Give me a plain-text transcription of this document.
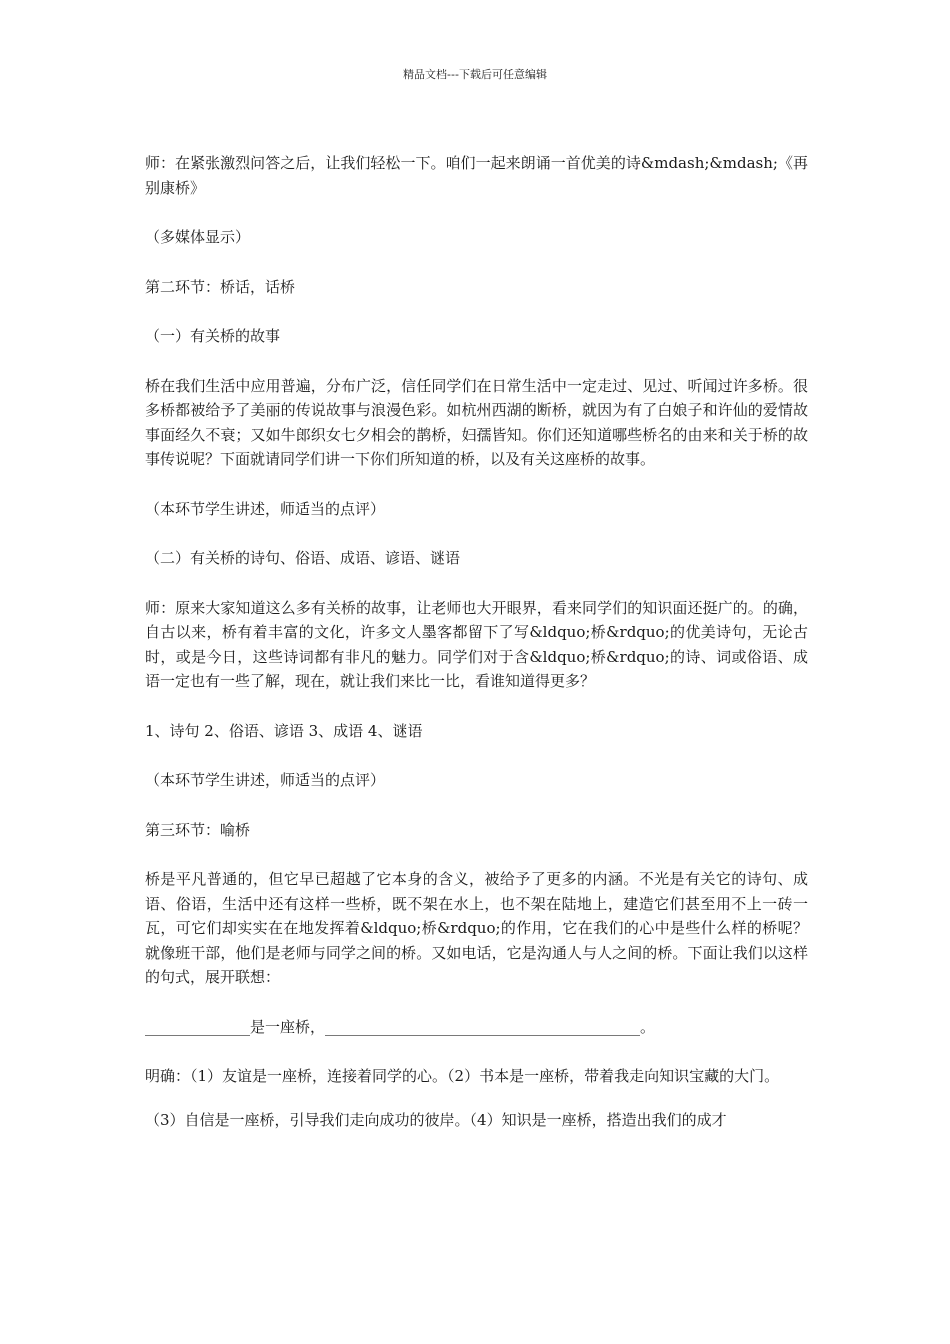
精品文档---下载后可任意编辑

师：在紧张激烈问答之后，让我们轻松一下。咱们一起来朗诵一首优美的诗&mdash;&mdash;《再别康桥》

（多媒体显示）

第二环节：桥话，话桥

（一）有关桥的故事

桥在我们生活中应用普遍，分布广泛，信任同学们在日常生活中一定走过、见过、听闻过许多桥。很多桥都被给予了美丽的传说故事与浪漫色彩。如杭州西湖的断桥，就因为有了白娘子和许仙的爱情故事面经久不衰；又如牛郎织女七夕相会的鹊桥，妇孺皆知。你们还知道哪些桥名的由来和关于桥的故事传说呢？下面就请同学们讲一下你们所知道的桥，以及有关这座桥的故事。

（本环节学生讲述，师适当的点评）

（二）有关桥的诗句、俗语、成语、谚语、谜语

师：原来大家知道这么多有关桥的故事，让老师也大开眼界，看来同学们的知识面还挺广的。的确，自古以来，桥有着丰富的文化，许多文人墨客都留下了写&ldquo;桥&rdquo;的优美诗句，无论古时，或是今日，这些诗词都有非凡的魅力。同学们对于含&ldquo;桥&rdquo;的诗、词或俗语、成语一定也有一些了解，现在，就让我们来比一比，看谁知道得更多？

1、诗句 2、俗语、谚语 3、成语 4、谜语

（本环节学生讲述，师适当的点评）

第三环节：喻桥

桥是平凡普通的，但它早已超越了它本身的含义，被给予了更多的内涵。不光是有关它的诗句、成语、俗语，生活中还有这样一些桥，既不架在水上，也不架在陆地上，建造它们甚至用不上一砖一瓦，可它们却实实在在地发挥着&ldquo;桥&rdquo;的作用，它在我们的心中是些什么样的桥呢？ 就像班干部，他们是老师与同学之间的桥。又如电话，它是沟通人与人之间的桥。下面让我们以这样的句式，展开联想：

______________是一座桥，__________________________________________。

明确：（1）友谊是一座桥，连接着同学的心。（2）书本是一座桥，带着我走向知识宝藏的大门。

（3）自信是一座桥，引导我们走向成功的彼岸。（4）知识是一座桥，搭造出我们的成才
